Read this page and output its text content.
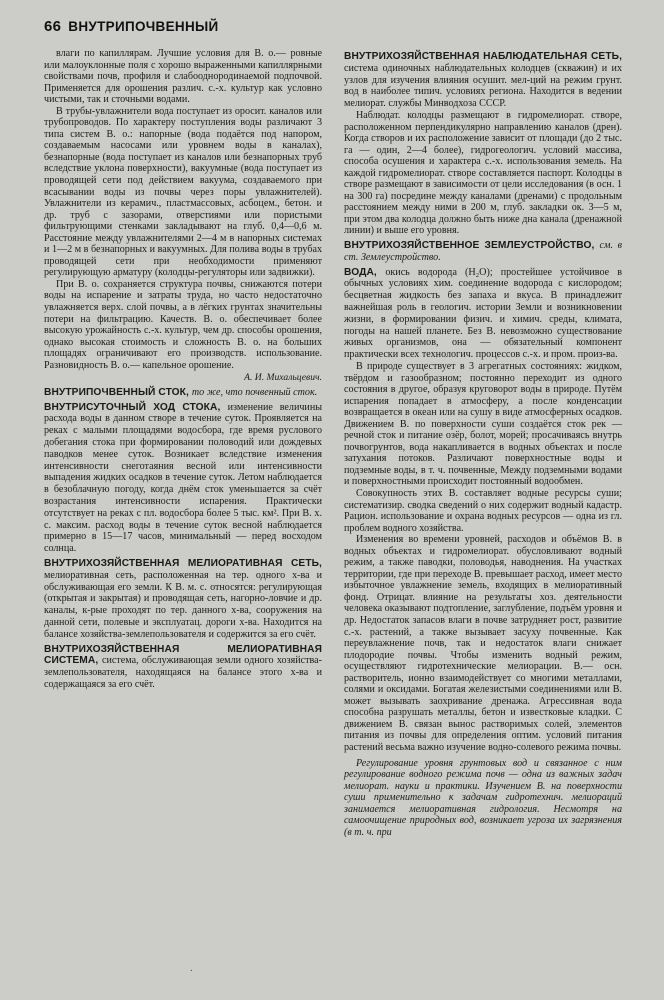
66 ВНУТРИПОЧВЕННЫЙ

влаги по капиллярам. Лучшие условия для В. о.— ровные или малоуклонные поля с хорошо выраженными капиллярными свойствами почв, профиля и слабооднородинаемой подпочвой. Применяется для орошения различ. с.-х. культур как условно чистыми, так и сточными водами.

В трубы-увлажнители вода поступает из оросит. каналов или трубопроводов. По характеру поступления воды различают 3 типа систем В. о.: напорные (вода подаётся под напором, создаваемым насосами или уровнем воды в каналах), безнапорные (вода поступает из каналов или безнапорных труб вследствие уклона поверхности), вакуумные (вода поступает из проводящей сети под действием вакуума, создаваемого при всасывании воды из почвы через поры увлажнителей). Увлажнители из керамич., пластмассовых, асбоцем., бетон. и др. труб с зазорами, отверстиями или пористыми фильтрующими стенками закладывают на глуб. 0,4—0,6 м. Расстояние между увлажнителями 2—4 м в напорных системах и 1—2 м в безнапорных и вакуумных. Для полива воды в трубах проводящей сети при необходимости применяют регулирующую арматуру (колодцы-регуляторы или задвижки).

При В. о. сохраняется структура почвы, снижаются потери воды на испарение и затраты труда, но часто недостаточно увлажняется верх. слой почвы, а в лёгких грунтах значительны потери на фильтрацию. Качеств. В. о. обеспечивает более высокую урожайность с.-х. культур, чем др. способы орошения, однако высокая стоимость и сложность В. о. на больших площадях ограничивают его производств. использование. Разновидность В. о.— капельное орошение.

А. И. Михальцевич.

ВНУТРИПОЧВЕННЫЙ СТОК, то же, что почвенный сток.

ВНУТРИСУТОЧНЫЙ ХОД СТОКА, изменение величины расхода воды в данном створе в течение суток. Проявляется на реках с малыми площадями водосбора, где время руслового добегания стока при формировании половодий или дождевых паводков менее суток. Возникает вследствие изменения интенсивности снеготаяния весной или интенсивности выпадения жидких осадков в течение суток. Летом наблюдается в безоблачную погоду, когда днём сток уменьшается за счёт возрастания интенсивности испарения. Практически отсутствует на реках с пл. водосбора более 5 тыс. км². При В. х. с. максим. расход воды в течение суток весной наблюдается примерно в 15—17 часов, минимальный — перед восходом солнца.

ВНУТРИХОЗЯЙСТВЕННАЯ МЕЛИОРАТИВНАЯ СЕТЬ, мелиоративная сеть, расположенная на тер. одного х-ва и обслуживающая его земли. К В. м. с. относятся: регулирующая (открытая и закрытая) и проводящая сеть, нагорно-ловчие и др. каналы, к-рые проходят по тер. данного х-ва, сооружения на данной сети, полевые и эксплуатац. дороги х-ва. Находится на балансе хозяйства-землепользователя и содержится за его счёт.

ВНУТРИХОЗЯЙСТВЕННАЯ МЕЛИОРАТИВНАЯ СИСТЕМА, система, обслуживающая земли одного хозяйства-землепользователя, находящаяся на балансе этого х-ва и содержащаяся за его счёт.

ВНУТРИХОЗЯЙСТВЕННАЯ НАБЛЮДАТЕЛЬНАЯ СЕТЬ, система одиночных наблюдательных колодцев (скважин) и их узлов для изучения влияния осушит. мел-ций на режим грунт. вод в наиболее типич. условиях региона. Находится в ведении мелиорат. службы Минводхоза СССР.

Наблюдат. колодцы размещают в гидромелиорат. створе, расположенном перпендикулярно направлению каналов (дрен). Когда створов и их расположение зависит от площади (до 2 тыс. га — один, 2—4 более), гидрогеологич. условий массива, способа осушения и характера с.-х. использования земель. На каждой гидромелиорат. створе составляется паспорт. Колодцы в створе размещают в зависимости от цели исследования (в осн. 1 на 300 га) посредине между каналами (дренами) с продольным расстоянием между ними в 200 м, глуб. закладки ок. 3—5 м, при этом два колодца должно быть ниже дна канала (дренажной линии) и выше его уровня.

ВНУТРИХОЗЯЙСТВЕННОЕ ЗЕМЛЕУСТРОЙСТВО, см. в ст. Землеустройство.

ВОДА, окись водорода (H₂O); простейшее устойчивое в обычных условиях хим. соединение водорода с кислородом; бесцветная жидкость без запаха и вкуса. В принадлежит важнейшая роль в геологич. истории Земли и возникновении жизни, в формировании физич. и химич. среды, климата, погоды на нашей планете. Без В. невозможно существование живых организмов, она — обязательный компонент практически всех технологич. процессов с.-х. и пром. произ-ва.

В природе существует в 3 агрегатных состояниях: жидком, твёрдом и газообразном; постоянно переходит из одного состояния в другое, образуя круговорот воды в природе. Путём испарения попадает в атмосферу, а после конденсации возвращается в океан или на сушу в виде атмосферных осадков. Движением В. по поверхности суши создаётся сток рек — речной сток и питание озёр, болот, морей; просачиваясь внутрь почвогрунтов, вода накапливается в водных объектах и после затухания потоков. Различают поверхностные воды и подземные воды, в т. ч. почвенные, Между подземными водами и поверхностными происходит постоянный водообмен.

Совокупность этих В. составляет водные ресурсы суши; систематизир. сводка сведений о них содержит водный кадастр. Рацион. использование и охрана водных ресурсов — одна из гл. проблем водного хозяйства.

Изменения во времени уровней, расходов и объёмов В. в водных объектах и гидромелиорат. обусловливают водный режим, а также паводки, половодья, наводнения. На участках территории, где при переходе В. превышает расход, имеет место избыточное увлажнение земель, входящих в мелиоративный фонд. Отрицат. влияние на результаты хоз. деятельности человека оказывают подтопление, заглубление, подъём уровня и др. Недостаток запасов влаги в почве затрудняет рост, развитие с.-х. растений, а также вызывает засуху почвенные. Как переувлажнение почв, так и недостаток влаги снижает плодородие почвы. Чтобы изменить водный режим, осуществляют гидротехнические мелиорации. В.— осн. растворитель, ионно взаимодействует со многими металлами, солями и оксидами. Богатая железистыми соединениями или В. может вызывать заохривание дренажа. Агрессивная вода способна разрушать металлы, бетон и известковые кладки. С движением В. связан вынос растворимых солей, элементов питания из почвы для определения оптим. условий питания растений весьма важно изучение водно-солевого режима почвы.

Регулирование уровня грунтовых вод и связанное с ним регулирование водного режима почв — одна из важных задач мелиорат. науки и практики. Изучением В. на поверхности суши применительно к задачам гидротехнич. мелиораций занимается мелиоративная гидрология. Несмотря на самоочищение природных вод, возникает угроза их загрязнения (в т. ч. при

.
